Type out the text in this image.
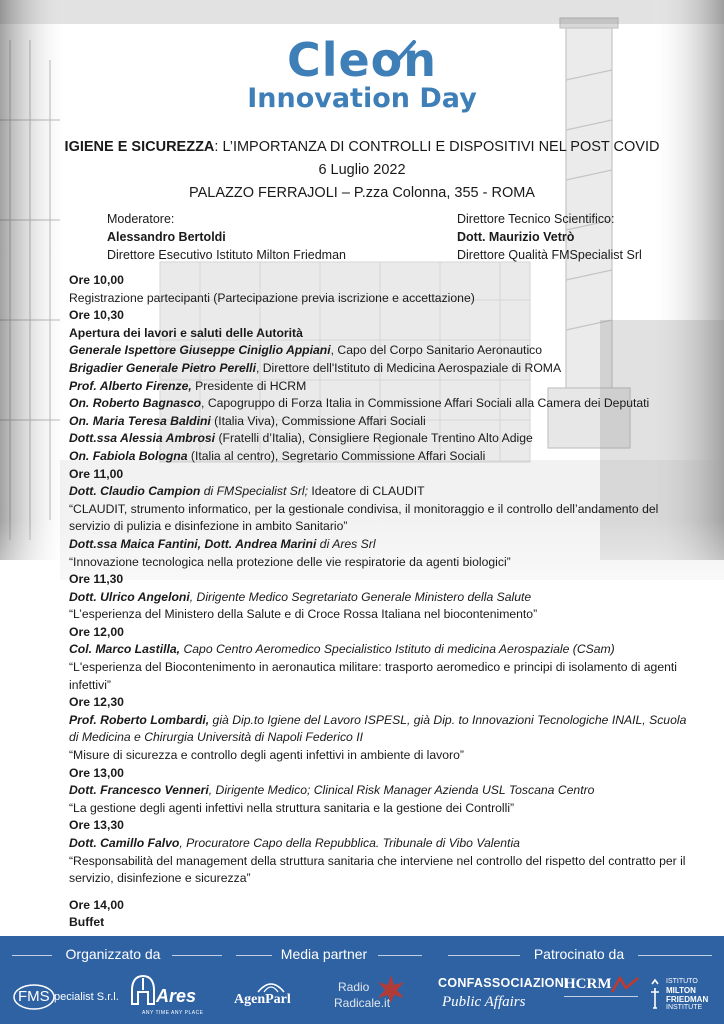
Cleon
Innovation Day
IGIENE E SICUREZZA: L’IMPORTANZA DI CONTROLLI E DISPOSITIVI NEL POST COVID
6 Luglio 2022
PALAZZO FERRAJOLI – P.zza Colonna, 355 - ROMA
Moderatore:
Alessandro Bertoldi
Direttore Esecutivo Istituto Milton Friedman
Direttore Tecnico Scientifico:
Dott. Maurizio Vetrò
Direttore Qualità FMSpecialist Srl

Ore 10,00

Registrazione partecipanti (Partecipazione previa iscrizione e accettazione)

Ore 10,30

Apertura dei lavori e saluti delle Autorità

Generale Ispettore Giuseppe Ciniglio Appiani, Capo del Corpo Sanitario Aeronautico

Brigadier Generale Pietro Perelli, Direttore dell'Istituto di Medicina Aerospaziale di ROMA

Prof. Alberto Firenze, Presidente di HCRM

On. Roberto Bagnasco, Capogruppo di Forza Italia in Commissione Affari Sociali alla Camera dei Deputati

On. Maria Teresa Baldini (Italia Viva), Commissione Affari Sociali

Dott.ssa Alessia Ambrosi (Fratelli d’Italia), Consigliere Regionale Trentino Alto Adige

On. Fabiola Bologna (Italia al centro), Segretario Commissione Affari Sociali

Ore 11,00

Dott. Claudio Campion di FMSpecialist Srl; Ideatore di CLAUDIT

“CLAUDIT, strumento informatico, per la gestionale condivisa, il monitoraggio e il controllo dell’andamento del servizio di pulizia e disinfezione in ambito Sanitario”

Dott.ssa Maica Fantini, Dott. Andrea Marini di Ares Srl

“Innovazione tecnologica nella protezione delle vie respiratorie da agenti biologici”

Ore 11,30

Dott. Ulrico Angeloni, Dirigente Medico Segretariato Generale Ministero della Salute

“L’esperienza del Ministero della Salute e di Croce Rossa Italiana nel biocontenimento”

Ore 12,00

Col. Marco Lastilla, Capo Centro Aeromedico Specialistico Istituto di medicina Aerospaziale (CSam)

“L'esperienza del Biocontenimento in aeronautica militare: trasporto aeromedico e principi di isolamento di agenti infettivi”

Ore 12,30

Prof. Roberto Lombardi, già Dip.to Igiene del Lavoro ISPESL, già Dip. to Innovazioni Tecnologiche INAIL, Scuola di Medicina e Chirurgia Università di Napoli Federico II

“Misure di sicurezza e controllo degli agenti infettivi in ambiente di lavoro”

Ore 13,00

Dott. Francesco Venneri, Dirigente Medico; Clinical Risk Manager Azienda USL Toscana Centro

“La gestione degli agenti infettivi nella struttura sanitaria e la gestione dei Controlli”

Ore 13,30

Dott. Camillo Falvo, Procuratore Capo della Repubblica. Tribunale di Vibo Valentia

“Responsabilità del management della struttura sanitaria che interviene nel controllo del rispetto del contratto per il servizio, disinfezione e sicurezza”

Ore 14,00

Buffet

Organizzato da	Media partner	Patrocinato da
FMS pecialist S.r.l. Ares
ANY TIME ANY PLACE
AgenParl
Radio
Radicale.it
CONFASSOCIAZIONI
Public Affairs
HCRM	ISTITUTO
MILTON
FRIEDMAN
INSTITUTE
